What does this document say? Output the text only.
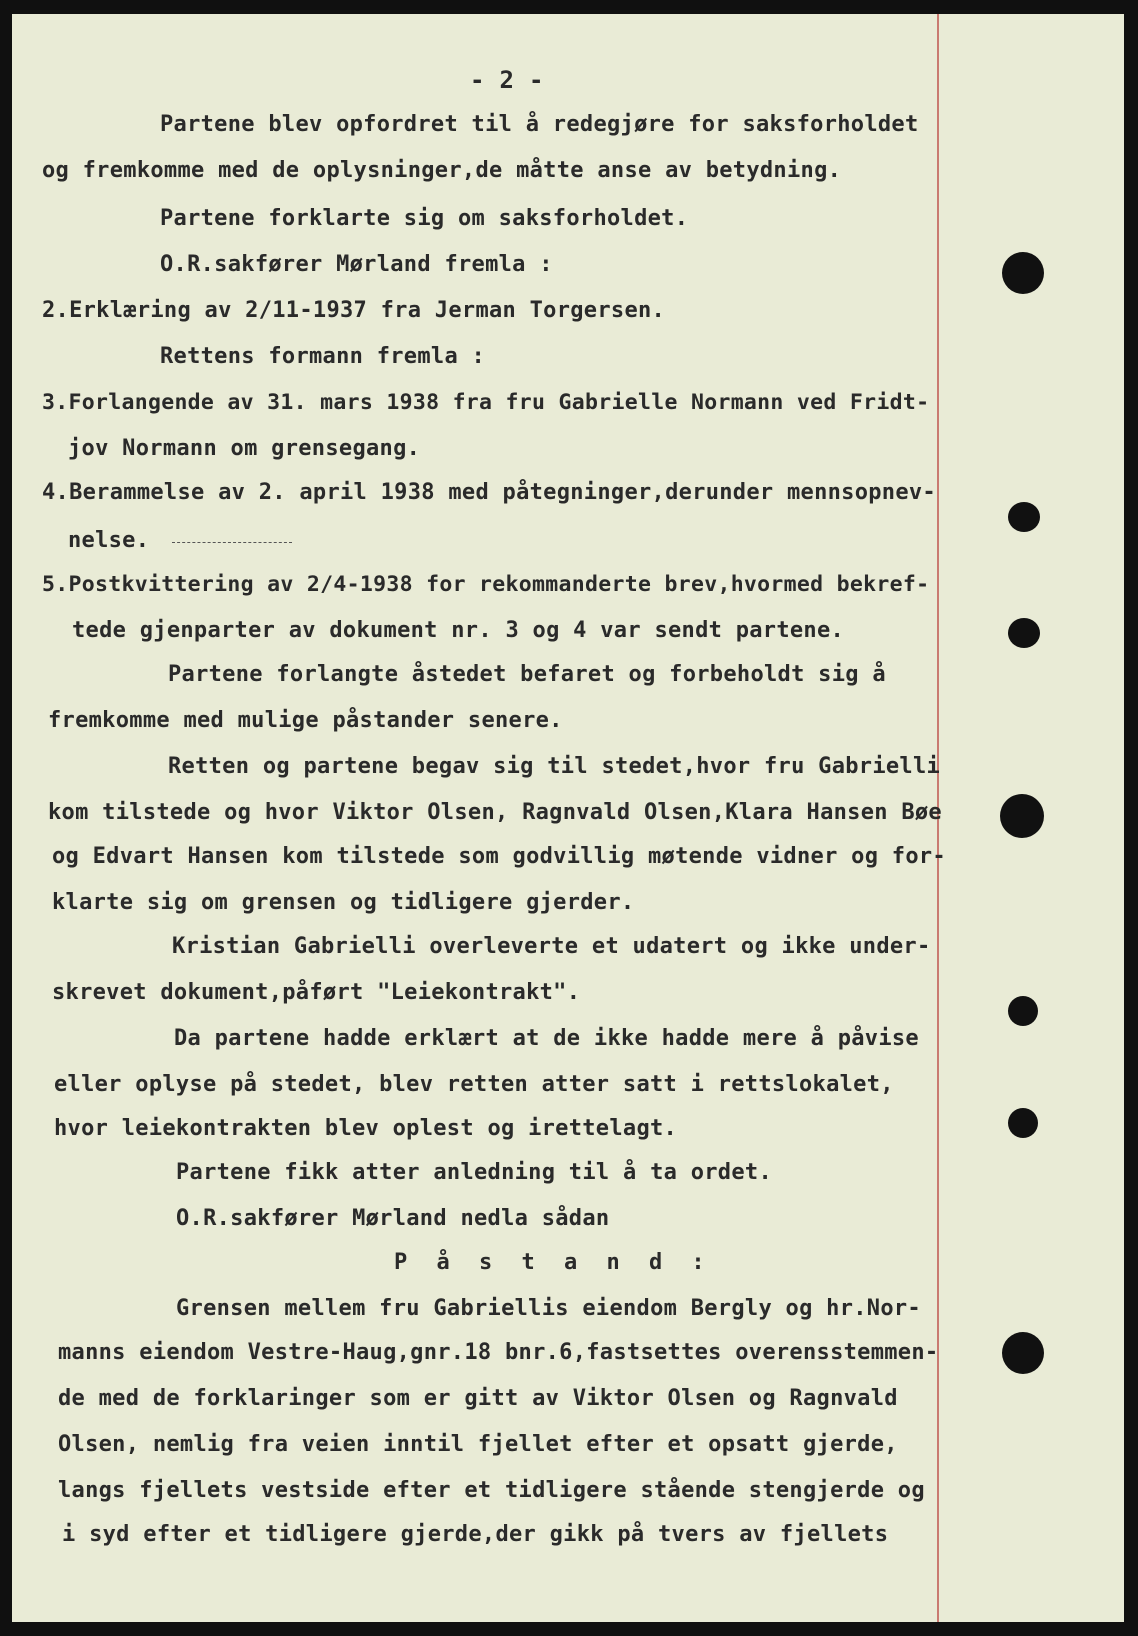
- 2 -
Partene blev opfordret til å redegjøre for saksforholdet
og fremkomme med de oplysninger,de måtte anse av betydning.
Partene forklarte sig om saksforholdet.
O.R.sakfører Mørland fremla :
2.Erklæring av 2/11-1937 fra Jerman Torgersen.
Rettens formann fremla :
3.Forlangende av 31. mars 1938 fra fru Gabrielle Normann ved Fridt-
jov Normann om grensegang.
4.Berammelse av 2. april 1938 med påtegninger,derunder mennsopnev-
nelse.
5.Postkvittering av 2/4-1938 for rekommanderte brev,hvormed bekref-
tede gjenparter av dokument nr. 3 og 4 var sendt partene.
Partene forlangte åstedet befaret og forbeholdt sig å
fremkomme med mulige påstander senere.
Retten og partene begav sig til stedet,hvor fru Gabrielli
kom tilstede og hvor Viktor Olsen, Ragnvald Olsen,Klara Hansen Bøe
og Edvart Hansen kom tilstede som godvillig møtende vidner og for-
klarte sig om grensen og tidligere gjerder.
Kristian Gabrielli overleverte et udatert og ikke under-
skrevet dokument,påført "Leiekontrakt".
Da partene hadde erklært at de ikke hadde mere å påvise
eller oplyse på stedet, blev retten atter satt i rettslokalet,
hvor leiekontrakten blev oplest og irettelagt.
Partene fikk atter anledning til å ta ordet.
O.R.sakfører Mørland nedla sådan
P å s t a n d :
Grensen mellem fru Gabriellis eiendom Bergly og hr.Nor-
manns eiendom Vestre-Haug,gnr.18 bnr.6,fastsettes overensstemmen-
de med de forklaringer som er gitt av Viktor Olsen og Ragnvald
Olsen, nemlig fra veien inntil fjellet efter et opsatt gjerde,
langs fjellets vestside efter et tidligere stående stengjerde og
i syd efter et tidligere gjerde,der gikk på tvers av fjellets
